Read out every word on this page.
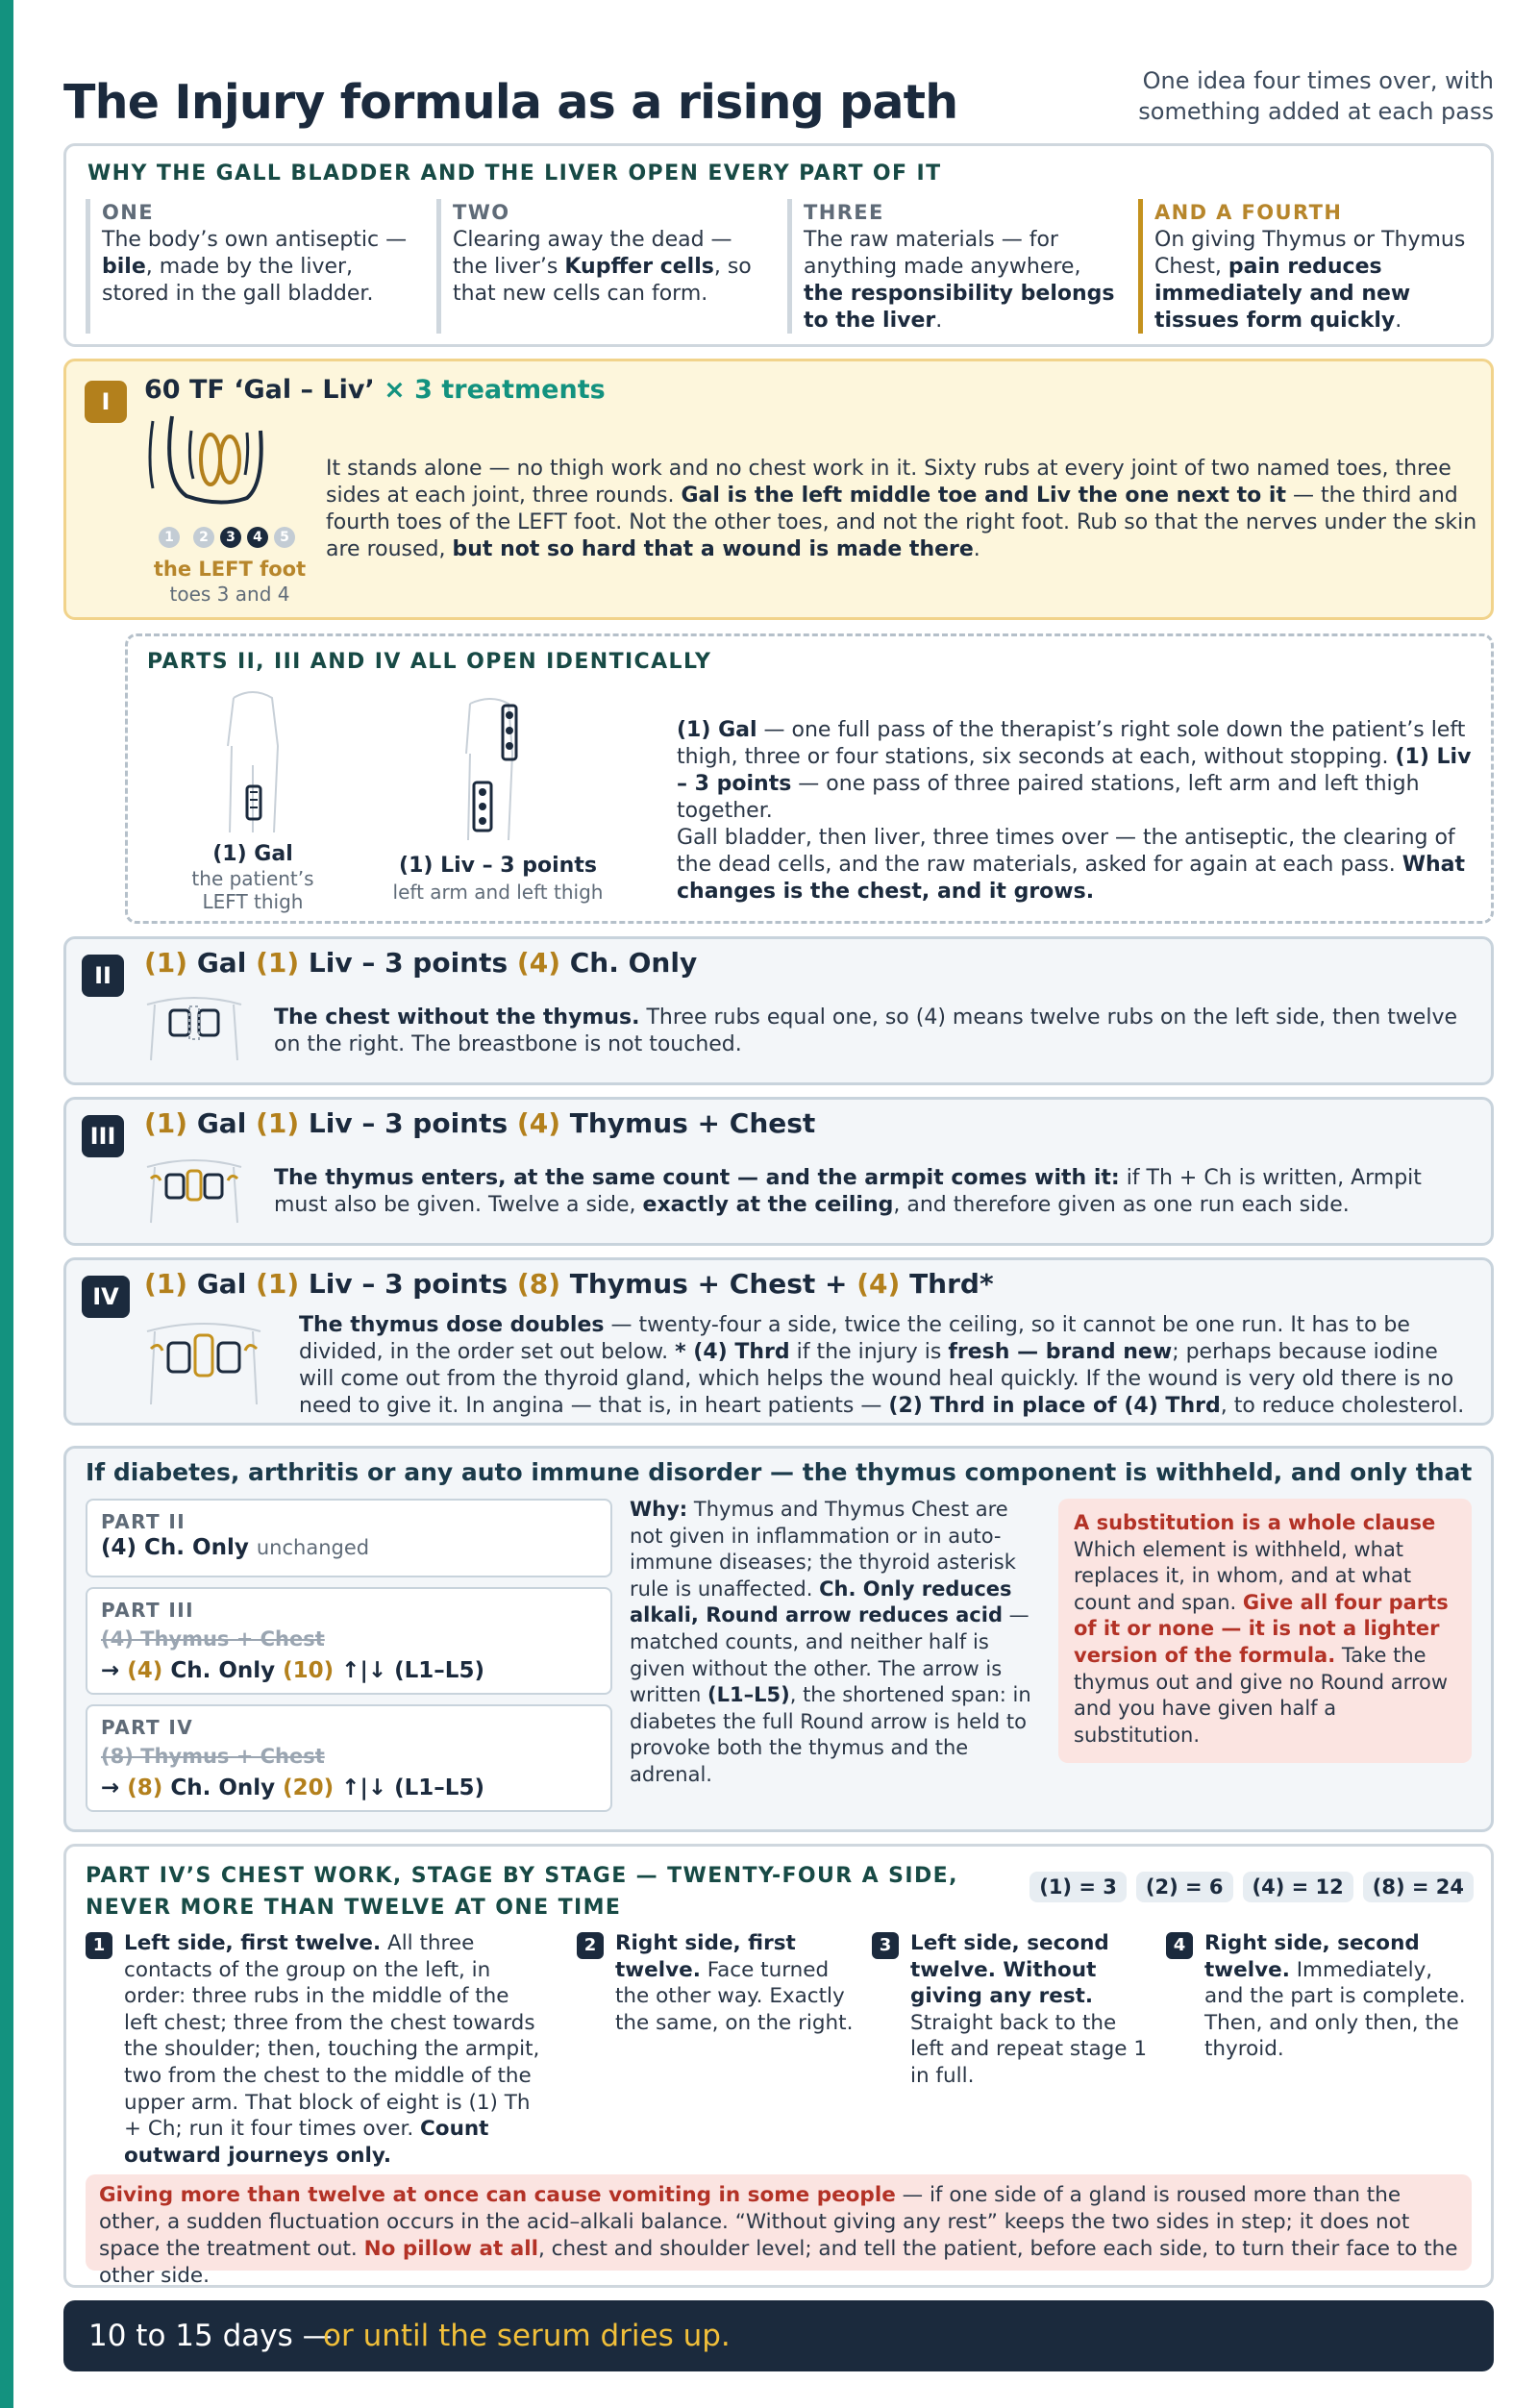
The Injury formula as a rising path	One idea four times over, with something added at each pass
WHY THE GALL BLADDER AND THE LIVER OPEN EVERY PART OF IT
ONE
The body’s own antiseptic — bile, made by the liver, stored in the gall bladder.
TWO
Clearing away the dead — the liver’s Kupffer cells, so that new cells can form.
THREE
The raw materials — for anything made anywhere, the responsibility belongs to the liver.
AND A FOURTH
On giving Thymus or Thymus Chest, pain reduces immediately and new tissues form quickly.
I	60 TF ‘Gal – Liv’ × 3 treatments
1	2	3	4	5
the LEFT foot
toes 3 and 4
It stands alone — no thigh work and no chest work in it. Sixty rubs at every joint of two named toes, three sides at each joint, three rounds. Gal is the left middle toe and Liv the one next to it — the third and fourth toes of the LEFT foot. Not the other toes, and not the right foot. Rub so that the nerves under the skin are roused, but not so hard that a wound is made there.
PARTS II, III AND IV ALL OPEN IDENTICALLY
(1) Gal
the patient’s LEFT thigh
(1) Liv – 3 points
left arm and left thigh
(1) Gal — one full pass of the therapist’s right sole down the patient’s left thigh, three or four stations, six seconds at each, without stopping. (1) Liv – 3 points — one pass of three paired stations, left arm and left thigh together.
Gall bladder, then liver, three times over — the antiseptic, the clearing of the dead cells, and the raw materials, asked for again at each pass. What changes is the chest, and it grows.
II	(1) Gal (1) Liv – 3 points (4) Ch. Only
The chest without the thymus. Three rubs equal one, so (4) means twelve rubs on the left side, then twelve on the right. The breastbone is not touched.
III	(1) Gal (1) Liv – 3 points (4) Thymus + Chest
The thymus enters, at the same count — and the armpit comes with it: if Th + Ch is written, Armpit must also be given. Twelve a side, exactly at the ceiling, and therefore given as one run each side.
IV (1) Gal (1) Liv – 3 points (8) Thymus + Chest + (4) Thrd*
The thymus dose doubles — twenty-four a side, twice the ceiling, so it cannot be one run. It has to be divided, in the order set out below. * (4) Thrd if the injury is fresh — brand new; perhaps because iodine will come out from the thyroid gland, which helps the wound heal quickly. If the wound is very old there is no need to give it. In angina — that is, in heart patients — (2) Thrd in place of (4) Thrd, to reduce cholesterol.
If diabetes, arthritis or any auto immune disorder — the thymus component is withheld, and only that
PART II
(4) Ch. Only unchanged
PART III
(4) Thymus + Chest
→ (4) Ch. Only (10) ↑|↓ (L1–L5)
PART IV
(8) Thymus + Chest
→ (8) Ch. Only (20) ↑|↓ (L1–L5)
Why: Thymus and Thymus Chest are not given in inflammation or in auto-immune diseases; the thyroid asterisk rule is unaffected. Ch. Only reduces alkali, Round arrow reduces acid — matched counts, and neither half is given without the other. The arrow is written (L1–L5), the shortened span: in diabetes the full Round arrow is held to provoke both the thymus and the adrenal.
A substitution is a whole clause
Which element is withheld, what replaces it, in whom, and at what count and span. Give all four parts of it or none — it is not a lighter version of the formula. Take the thymus out and give no Round arrow and you have given half a substitution.
PART IV’S CHEST WORK, STAGE BY STAGE — TWENTY-FOUR A SIDE, NEVER MORE THAN TWELVE AT ONE TIME
(1) = 3	(2) = 6	(4) = 12	(8) = 24
1 Left side, first twelve. All three contacts of the group on the left, in order: three rubs in the middle of the left chest; three from the chest towards the shoulder; then, touching the armpit, two from the chest to the middle of the upper arm. That block of eight is (1) Th + Ch; run it four times over. Count outward journeys only.
2 Right side, first twelve. Face turned the other way. Exactly the same, on the right.
3 Left side, second twelve. Without giving any rest. Straight back to the left and repeat stage 1 in full.
4 Right side, second twelve. Immediately, and the part is complete. Then, and only then, the thyroid.
Giving more than twelve at once can cause vomiting in some people — if one side of a gland is roused more than the other, a sudden fluctuation occurs in the acid–alkali balance. “Without giving any rest” keeps the two sides in step; it does not space the treatment out. No pillow at all, chest and shoulder level; and tell the patient, before each side, to turn their face to the other side.
10 to 15 days —
or until the serum dries up.
